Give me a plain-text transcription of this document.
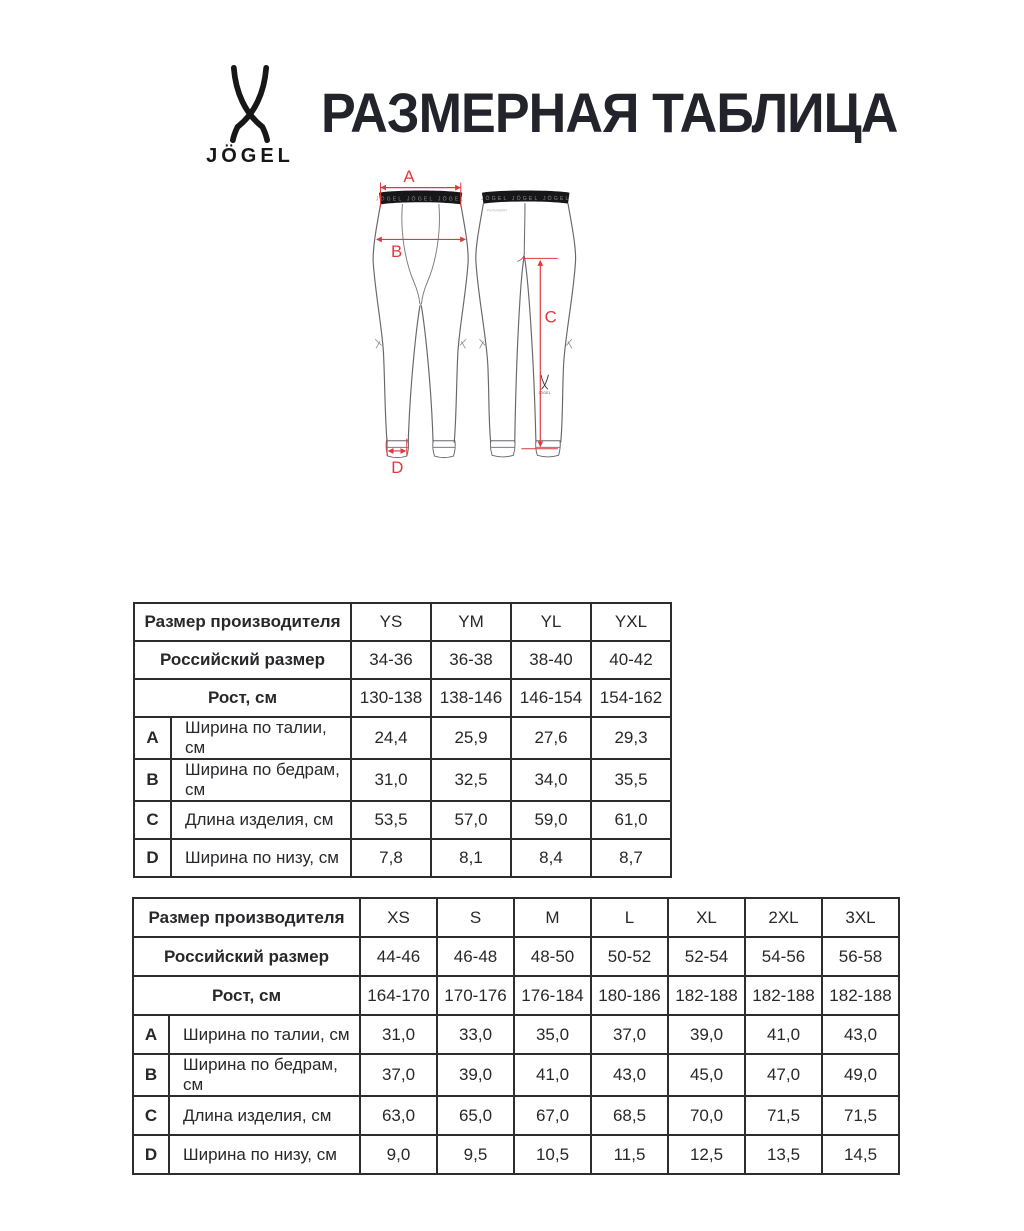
JÖGEL
РАЗМЕРНАЯ ТАБЛИЦА
JÖGEL JÖGEL JÖGEL JÖGEL JÖGEL JÖGEL
PerformDRY
JÖGEL
A
B
C
D
Размер производителя		YS	YM	YL	YXL
Российский размер		34-36	36-38	38-40	40-42
Рост, см		130-138	138-146	146-154	154-162
A	Ширина по талии, см	24,4	25,9	27,6	29,3
B	Ширина по бедрам, см	31,0	32,5	34,0	35,5
C	Длина изделия, см	53,5	57,0	59,0	61,0
D	Ширина по низу, см	7,8	8,1	8,4	8,7
Размер производителя		XS	S	M	L	XL	2XL	3XL
Российский размер		44-46	46-48	48-50	50-52	52-54	54-56	56-58
Рост, см		164-170	170-176	176-184	180-186	182-188	182-188	182-188
A	Ширина по талии, см	31,0	33,0	35,0	37,0	39,0	41,0	43,0
B	Ширина по бедрам, см	37,0	39,0	41,0	43,0	45,0	47,0	49,0
C	Длина изделия, см	63,0	65,0	67,0	68,5	70,0	71,5	71,5
D	Ширина по низу, см	9,0	9,5	10,5	11,5	12,5	13,5	14,5
